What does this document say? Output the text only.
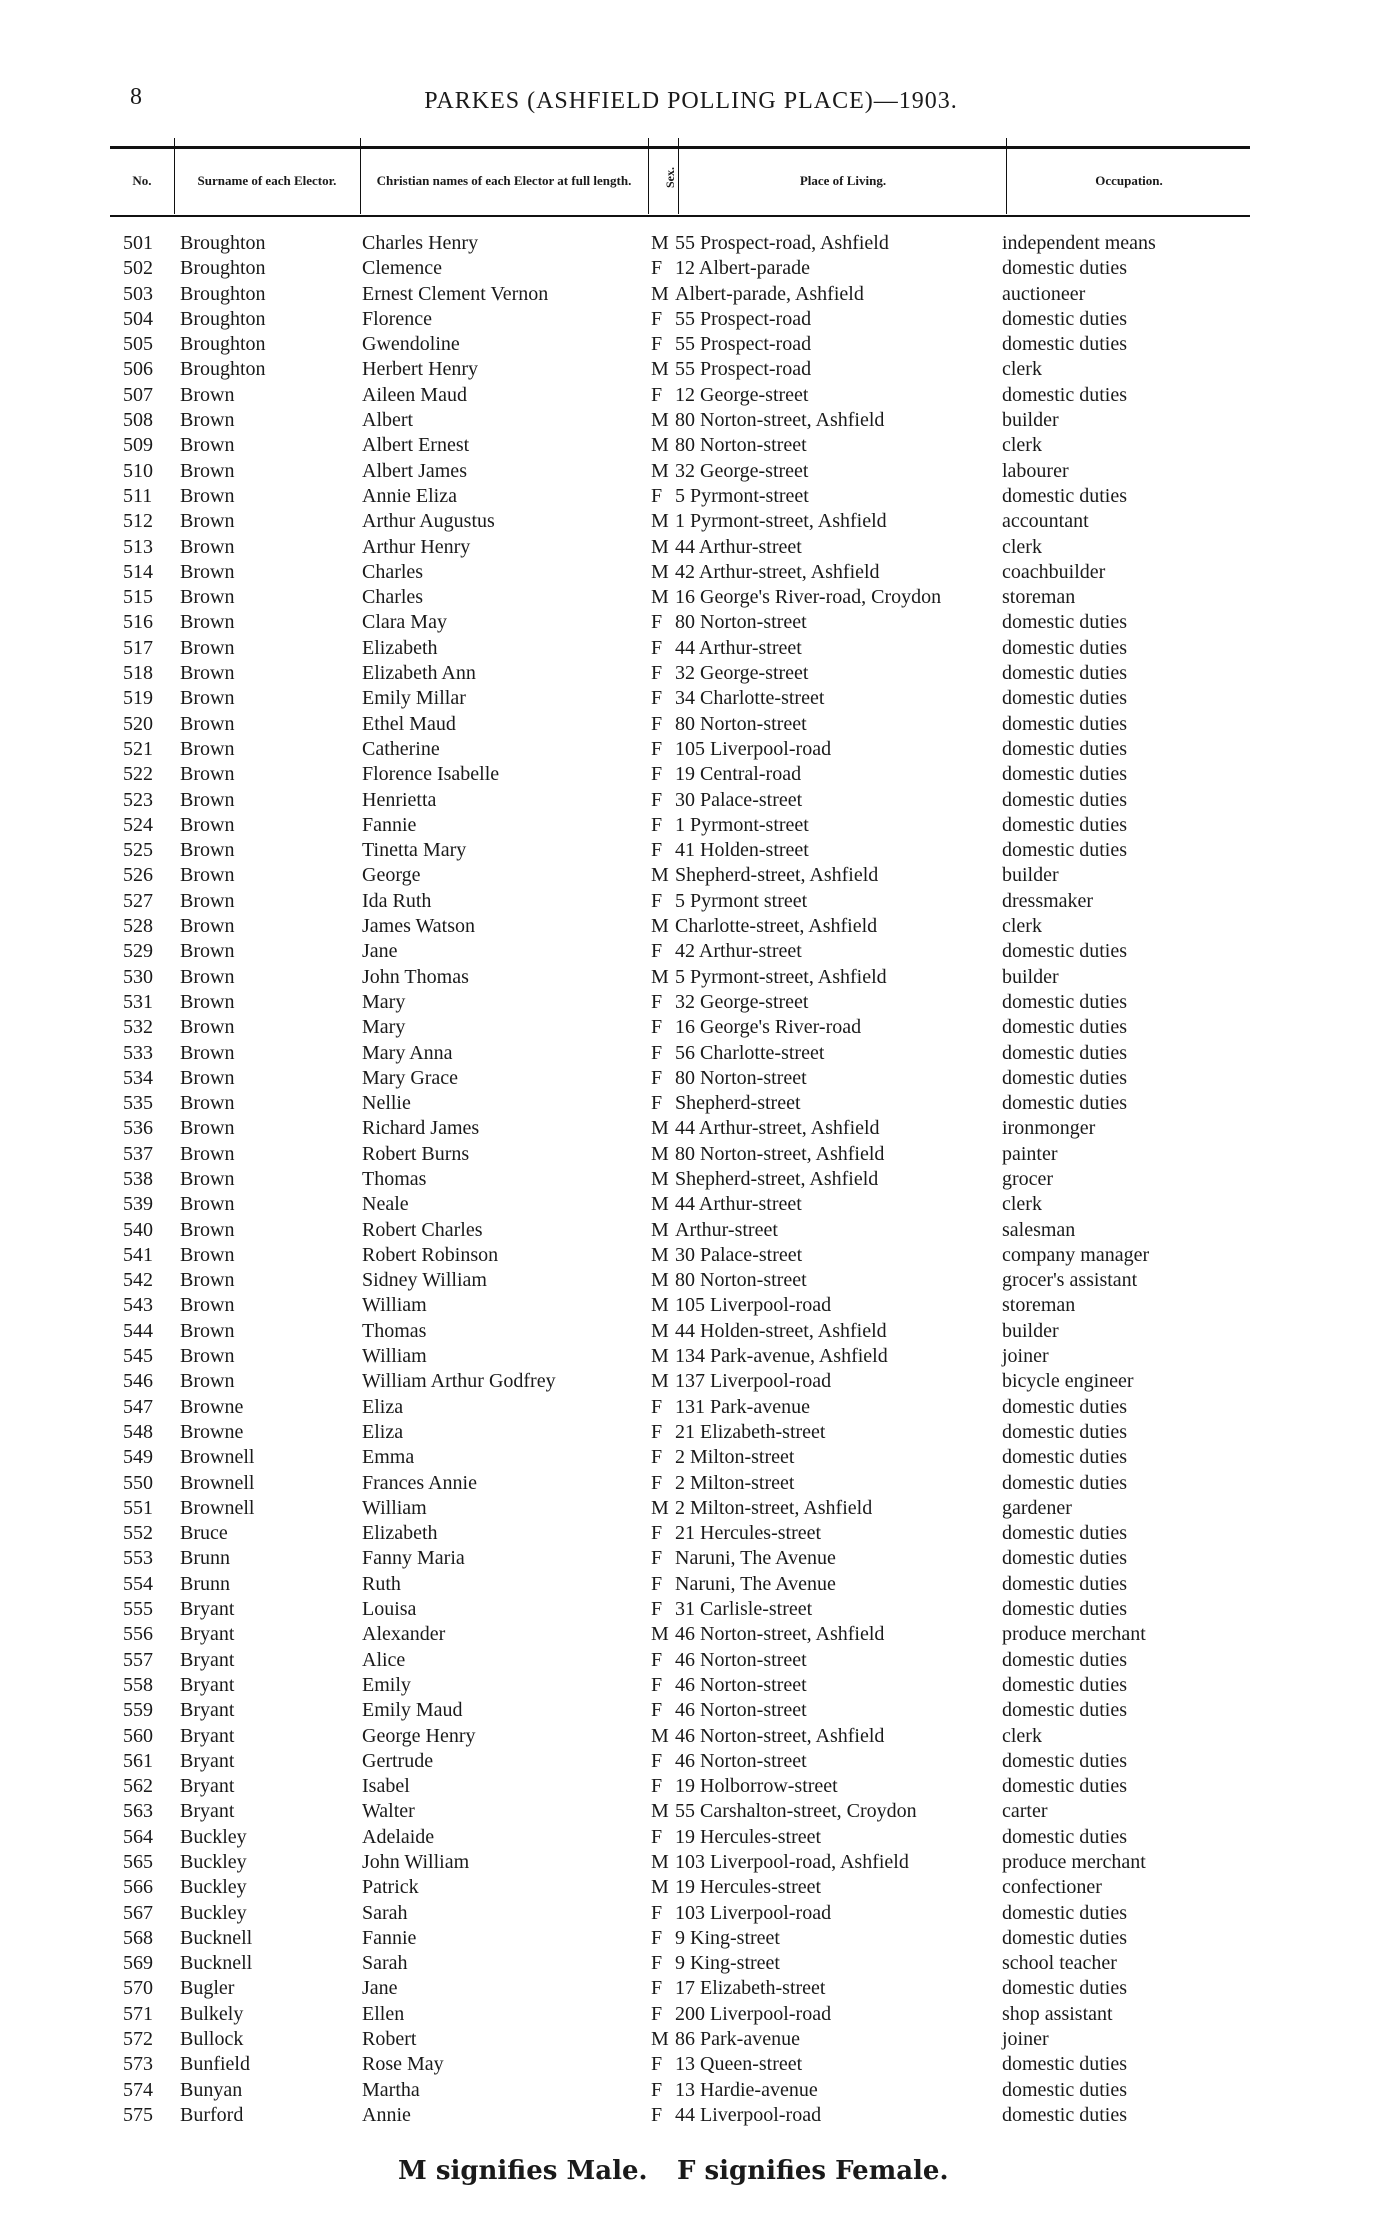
8	PARKES (ASHFIELD POLLING PLACE)—1903.
No.	Surname of each Elector.	Christian names of each Elector at full length.	Sex.	Place of Living.	Occupation.
501 Broughton	Charles Henry	M 55 Prospect-road, Ashfield	independent means
502 Broughton	Clemence	F 12 Albert-parade	domestic duties
503 Broughton	Ernest Clement Vernon	M Albert-parade, Ashfield	auctioneer
504 Broughton	Florence	F 55 Prospect-road	domestic duties
505 Broughton	Gwendoline	F 55 Prospect-road	domestic duties
506 Broughton	Herbert Henry	M 55 Prospect-road	clerk
507 Brown	Aileen Maud	F 12 George-street	domestic duties
508 Brown	Albert	M 80 Norton-street, Ashfield	builder
509 Brown	Albert Ernest	M 80 Norton-street	clerk
510 Brown	Albert James	M 32 George-street	labourer
511 Brown	Annie Eliza	F 5 Pyrmont-street	domestic duties
512 Brown	Arthur Augustus	M 1 Pyrmont-street, Ashfield	accountant
513 Brown	Arthur Henry	M 44 Arthur-street	clerk
514 Brown	Charles	M 42 Arthur-street, Ashfield	coachbuilder
515 Brown	Charles	M 16 George's River-road, Croydon	storeman
516 Brown	Clara May	F 80 Norton-street	domestic duties
517 Brown	Elizabeth	F 44 Arthur-street	domestic duties
518 Brown	Elizabeth Ann	F 32 George-street	domestic duties
519 Brown	Emily Millar	F 34 Charlotte-street	domestic duties
520 Brown	Ethel Maud	F 80 Norton-street	domestic duties
521 Brown	Catherine	F 105 Liverpool-road	domestic duties
522 Brown	Florence Isabelle	F 19 Central-road	domestic duties
523 Brown	Henrietta	F 30 Palace-street	domestic duties
524 Brown	Fannie	F 1 Pyrmont-street	domestic duties
525 Brown	Tinetta Mary	F 41 Holden-street	domestic duties
526 Brown	George	M Shepherd-street, Ashfield	builder
527 Brown	Ida Ruth	F 5 Pyrmont street	dressmaker
528 Brown	James Watson	M Charlotte-street, Ashfield	clerk
529 Brown	Jane	F 42 Arthur-street	domestic duties
530 Brown	John Thomas	M 5 Pyrmont-street, Ashfield	builder
531 Brown	Mary	F 32 George-street	domestic duties
532 Brown	Mary	F 16 George's River-road	domestic duties
533 Brown	Mary Anna	F 56 Charlotte-street	domestic duties
534 Brown	Mary Grace	F 80 Norton-street	domestic duties
535 Brown	Nellie	F Shepherd-street	domestic duties
536 Brown	Richard James	M 44 Arthur-street, Ashfield	ironmonger
537 Brown	Robert Burns	M 80 Norton-street, Ashfield	painter
538 Brown	Thomas	M Shepherd-street, Ashfield	grocer
539 Brown	Neale	M 44 Arthur-street	clerk
540 Brown	Robert Charles	M Arthur-street	salesman
541 Brown	Robert Robinson	M 30 Palace-street	company manager
542 Brown	Sidney William	M 80 Norton-street	grocer's assistant
543 Brown	William	M 105 Liverpool-road	storeman
544 Brown	Thomas	M 44 Holden-street, Ashfield	builder
545 Brown	William	M 134 Park-avenue, Ashfield	joiner
546 Brown	William Arthur Godfrey	M 137 Liverpool-road	bicycle engineer
547 Browne	Eliza	F 131 Park-avenue	domestic duties
548 Browne	Eliza	F 21 Elizabeth-street	domestic duties
549 Brownell	Emma	F 2 Milton-street	domestic duties
550 Brownell	Frances Annie	F 2 Milton-street	domestic duties
551 Brownell	William	M 2 Milton-street, Ashfield	gardener
552 Bruce	Elizabeth	F 21 Hercules-street	domestic duties
553 Brunn	Fanny Maria	F Naruni, The Avenue	domestic duties
554 Brunn	Ruth	F Naruni, The Avenue	domestic duties
555 Bryant	Louisa	F 31 Carlisle-street	domestic duties
556 Bryant	Alexander	M 46 Norton-street, Ashfield	produce merchant
557 Bryant	Alice	F 46 Norton-street	domestic duties
558 Bryant	Emily	F 46 Norton-street	domestic duties
559 Bryant	Emily Maud	F 46 Norton-street	domestic duties
560 Bryant	George Henry	M 46 Norton-street, Ashfield	clerk
561 Bryant	Gertrude	F 46 Norton-street	domestic duties
562 Bryant	Isabel	F 19 Holborrow-street	domestic duties
563 Bryant	Walter	M 55 Carshalton-street, Croydon	carter
564 Buckley	Adelaide	F 19 Hercules-street	domestic duties
565 Buckley	John William	M 103 Liverpool-road, Ashfield	produce merchant
566 Buckley	Patrick	M 19 Hercules-street	confectioner
567 Buckley	Sarah	F 103 Liverpool-road	domestic duties
568 Bucknell	Fannie	F 9 King-street	domestic duties
569 Bucknell	Sarah	F 9 King-street	school teacher
570 Bugler	Jane	F 17 Elizabeth-street	domestic duties
571 Bulkely	Ellen	F 200 Liverpool-road	shop assistant
572 Bullock	Robert	M 86 Park-avenue	joiner
573 Bunfield	Rose May	F 13 Queen-street	domestic duties
574 Bunyan	Martha	F 13 Hardie-avenue	domestic duties
575 Burford	Annie	F 44 Liverpool-road	domestic duties
M signifies Male. F signifies Female.
